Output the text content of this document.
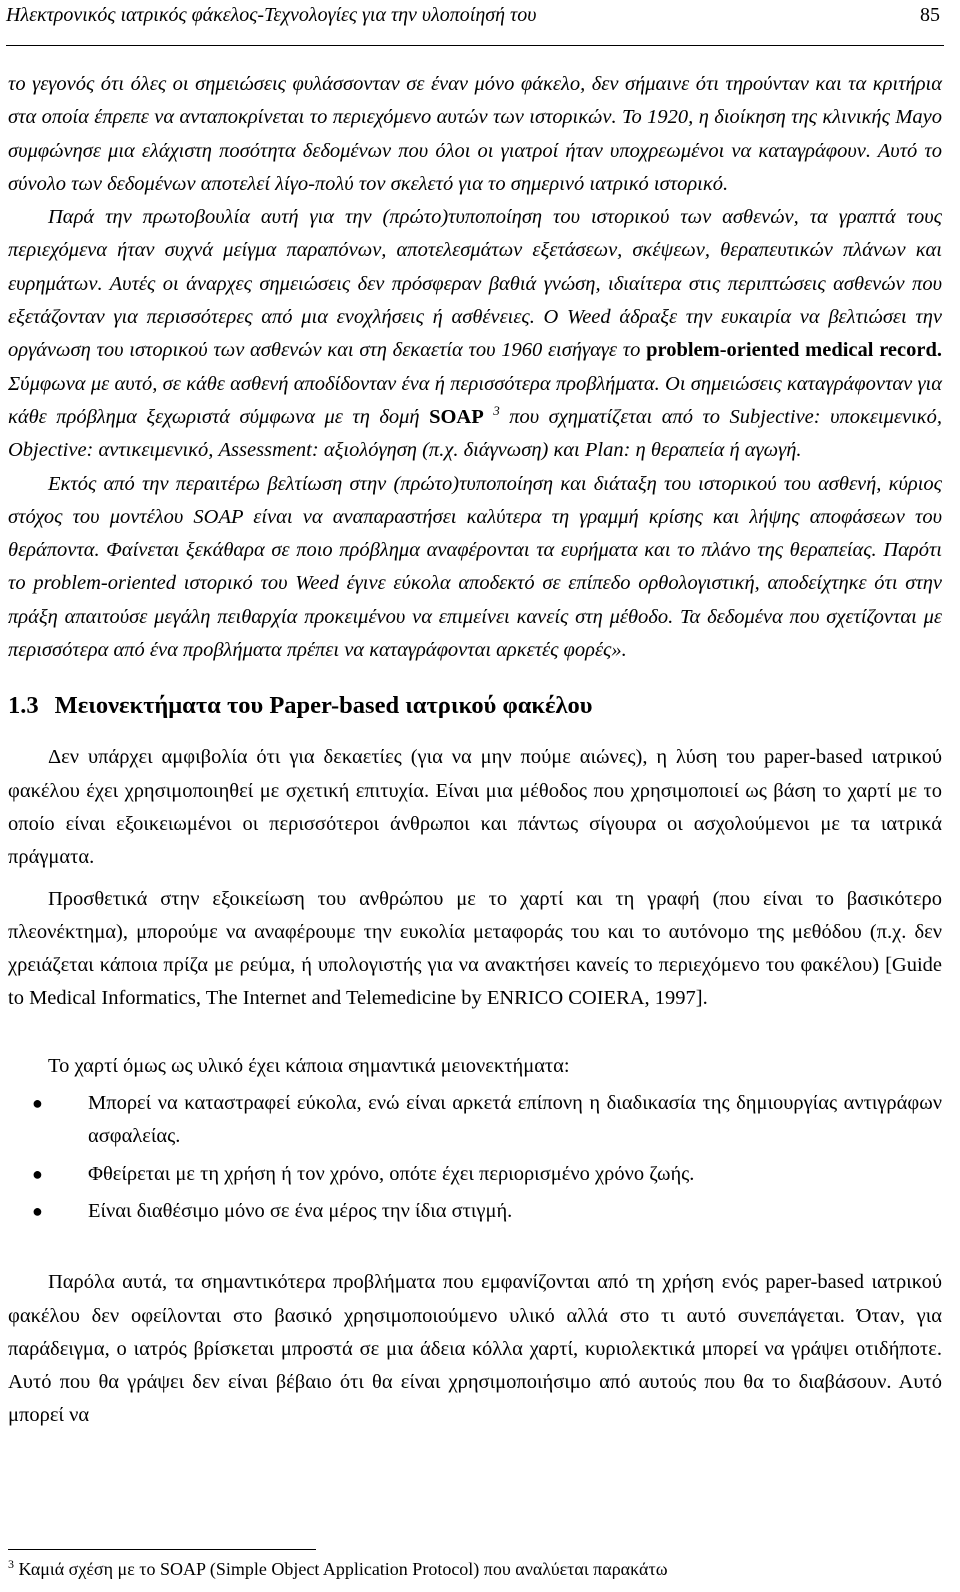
Ηλεκτρονικός ιατρικός φάκελος-Τεχνολογίες για την υλοποίησή του	85

το γεγονός ότι όλες οι σημειώσεις φυλάσσονταν σε έναν μόνο φάκελο, δεν σήμαινε ότι τηρούνταν και τα κριτήρια στα οποία έπρεπε να ανταποκρίνεται το περιεχόμενο αυτών των ιστορικών. Το 1920, η διοίκηση της κλινικής Mayo συμφώνησε μια ελάχιστη ποσότητα δεδομένων που όλοι οι γιατροί ήταν υποχρεωμένοι να καταγράφουν. Αυτό το σύνολο των δεδομένων αποτελεί λίγο-πολύ τον σκελετό για το σημερινό ιατρικό ιστορικό.

Παρά την πρωτοβουλία αυτή για την (πρώτο)τυποποίηση του ιστορικού των ασθενών, τα γραπτά τους περιεχόμενα ήταν συχνά μείγμα παραπόνων, αποτελεσμάτων εξετάσεων, σκέψεων, θεραπευτικών πλάνων και ευρημάτων. Αυτές οι άναρχες σημειώσεις δεν πρόσφεραν βαθιά γνώση, ιδιαίτερα στις περιπτώσεις ασθενών που εξετάζονταν για περισσότερες από μια ενοχλήσεις ή ασθένειες. Ο Weed άδραξε την ευκαιρία να βελτιώσει την οργάνωση του ιστορικού των ασθενών και στη δεκαετία του 1960 εισήγαγε το problem-oriented medical record. Σύμφωνα με αυτό, σε κάθε ασθενή αποδίδονταν ένα ή περισσότερα προβλήματα. Οι σημειώσεις καταγράφονταν για κάθε πρόβλημα ξεχωριστά σύμφωνα με τη δομή SOAP $^3$ που σχηματίζεται από το Subjective: υποκειμενικό, Objective: αντικειμενικό, Assessment: αξιολόγηση (π.χ. διάγνωση) και Plan: η θεραπεία ή αγωγή.

Εκτός από την περαιτέρω βελτίωση στην (πρώτο)τυποποίηση και διάταξη του ιστορικού του ασθενή, κύριος στόχος του μοντέλου SOAP είναι να αναπαραστήσει καλύτερα τη γραμμή κρίσης και λήψης αποφάσεων του θεράποντα. Φαίνεται ξεκάθαρα σε ποιο πρόβλημα αναφέρονται τα ευρήματα και το πλάνο της θεραπείας. Παρότι το problem-oriented ιστορικό του Weed έγινε εύκολα αποδεκτό σε επίπεδο ορθολογιστική, αποδείχτηκε ότι στην πράξη απαιτούσε μεγάλη πειθαρχία προκειμένου να επιμείνει κανείς στη μέθοδο. Τα δεδομένα που σχετίζονται με περισσότερα από ένα προβλήματα πρέπει να καταγράφονται αρκετές φορές».

1.3 Μειονεκτήματα του Paper-based ιατρικού φακέλου

Δεν υπάρχει αμφιβολία ότι για δεκαετίες (για να μην πούμε αιώνες), η λύση του paper-based ιατρικού φακέλου έχει χρησιμοποιηθεί με σχετική επιτυχία. Είναι μια μέθοδος που χρησιμοποιεί ως βάση το χαρτί με το οποίο είναι εξοικειωμένοι οι περισσότεροι άνθρωποι και πάντως σίγουρα οι ασχολούμενοι με τα ιατρικά πράγματα.

Προσθετικά στην εξοικείωση του ανθρώπου με το χαρτί και τη γραφή (που είναι το βασικότερο πλεονέκτημα), μπορούμε να αναφέρουμε την ευκολία μεταφοράς του και το αυτόνομο της μεθόδου (π.χ. δεν χρειάζεται κάποια πρίζα με ρεύμα, ή υπολογιστής για να ανακτήσει κανείς το περιεχόμενο του φακέλου) [Guide to Medical Informatics, The Internet and Telemedicine by ENRICO COIERA, 1997].

Το χαρτί όμως ως υλικό έχει κάποια σημαντικά μειονεκτήματα:

● Μπορεί να καταστραφεί εύκολα, ενώ είναι αρκετά επίπονη η διαδικασία της δημιουργίας αντιγράφων ασφαλείας.
● Φθείρεται με τη χρήση ή τον χρόνο, οπότε έχει περιορισμένο χρόνο ζωής.
● Είναι διαθέσιμο μόνο σε ένα μέρος την ίδια στιγμή.

Παρόλα αυτά, τα σημαντικότερα προβλήματα που εμφανίζονται από τη χρήση ενός paper-based ιατρικού φακέλου δεν οφείλονται στο βασικό χρησιμοποιούμενο υλικό αλλά στο τι αυτό συνεπάγεται. Όταν, για παράδειγμα, ο ιατρός βρίσκεται μπροστά σε μια άδεια κόλλα χαρτί, κυριολεκτικά μπορεί να γράψει οτιδήποτε. Αυτό που θα γράψει δεν είναι βέβαιο ότι θα είναι χρησιμοποιήσιμο από αυτούς που θα το διαβάσουν. Αυτό μπορεί να

$^3$ Καμιά σχέση με το SOAP (Simple Object Application Protocol) που αναλύεται παρακάτω
